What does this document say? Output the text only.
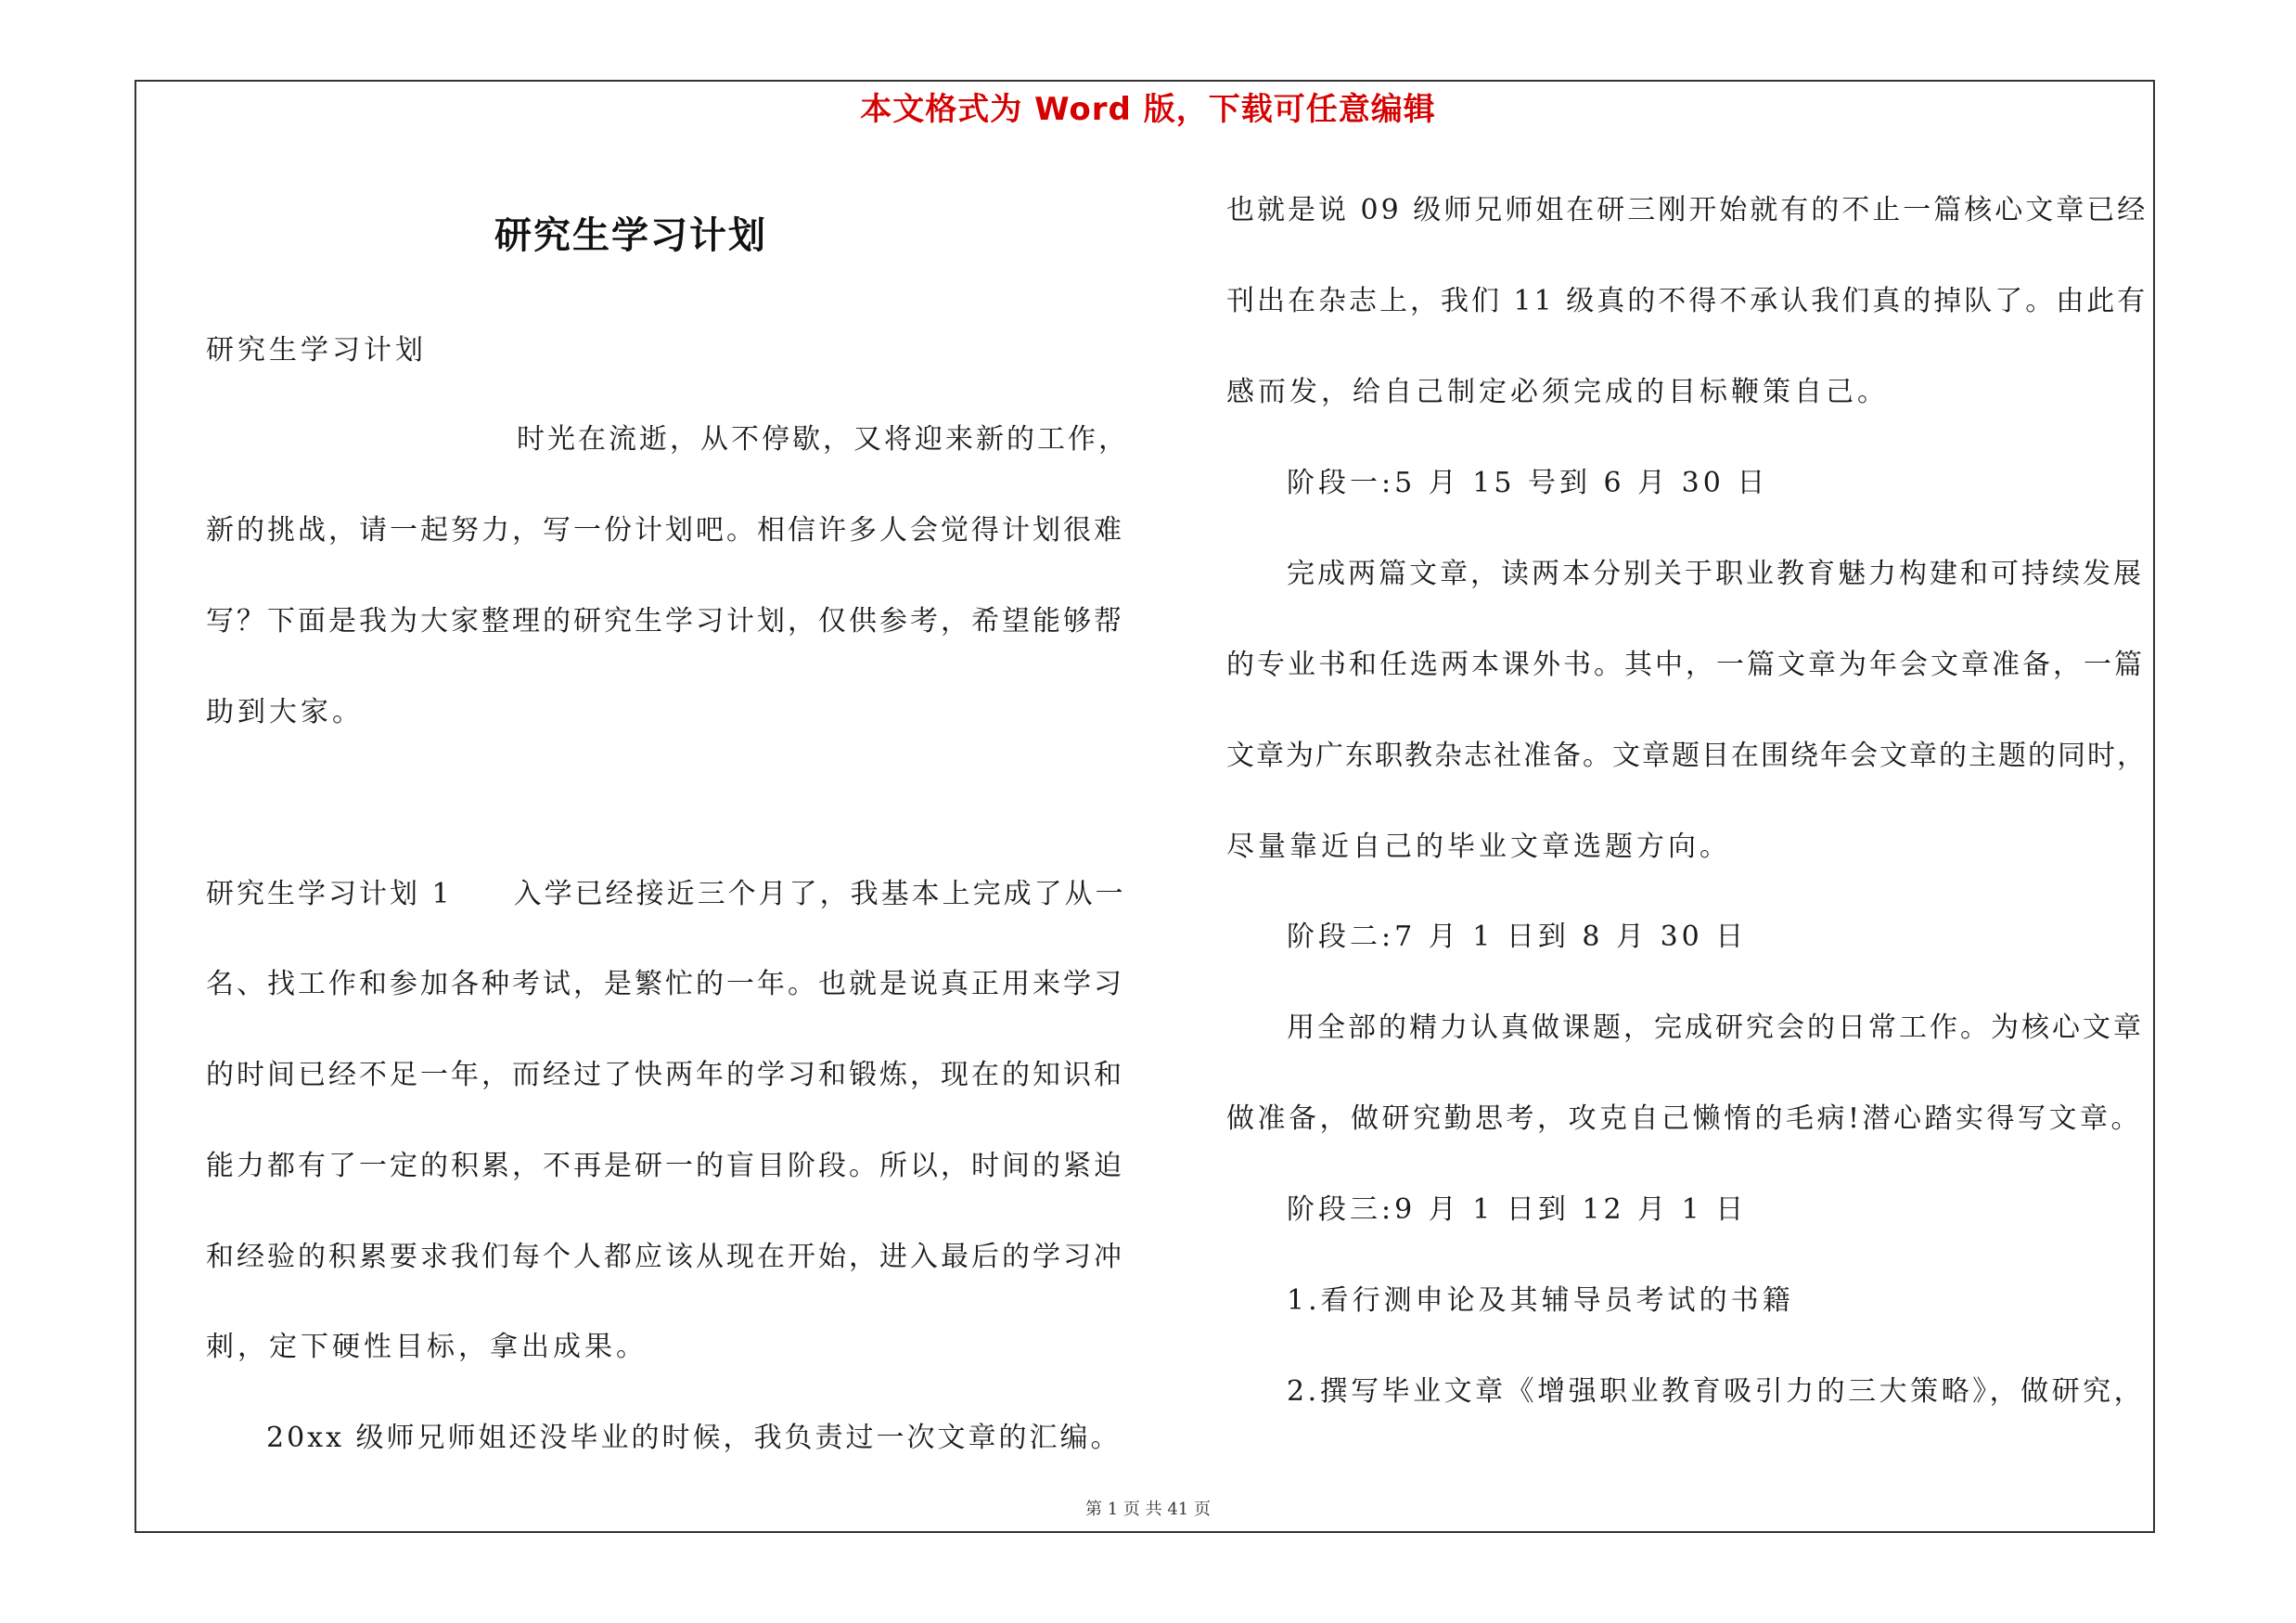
本文格式为 Word 版，下载可任意编辑
研究生学习计划
研究生学习计划
时光在流逝，从不停歇，又将迎来新的工作，
新的挑战，请一起努力，写一份计划吧。相信许多人会觉得计划很难
写？下面是我为大家整理的研究生学习计划，仅供参考，希望能够帮
助到大家。
研究生学习计划 1　　入学已经接近三个月了，我基本上完成了从一
名、找工作和参加各种考试，是繁忙的一年。也就是说真正用来学习
的时间已经不足一年，而经过了快两年的学习和锻炼，现在的知识和
能力都有了一定的积累，不再是研一的盲目阶段。所以，时间的紧迫
和经验的积累要求我们每个人都应该从现在开始，进入最后的学习冲
刺，定下硬性目标，拿出成果。
20xx 级师兄师姐还没毕业的时候，我负责过一次文章的汇编。
也就是说 09 级师兄师姐在研三刚开始就有的不止一篇核心文章已经
刊出在杂志上，我们 11 级真的不得不承认我们真的掉队了。由此有
感而发，给自己制定必须完成的目标鞭策自己。
阶段一:5 月 15 号到 6 月 30 日
完成两篇文章，读两本分别关于职业教育魅力构建和可持续发展
的专业书和任选两本课外书。其中，一篇文章为年会文章准备，一篇
文章为广东职教杂志社准备。文章题目在围绕年会文章的主题的同时，
尽量靠近自己的毕业文章选题方向。
阶段二:7 月 1 日到 8 月 30 日
用全部的精力认真做课题，完成研究会的日常工作。为核心文章
做准备，做研究勤思考，攻克自己懒惰的毛病!潜心踏实得写文章。
阶段三:9 月 1 日到 12 月 1 日
1.看行测申论及其辅导员考试的书籍
2.撰写毕业文章《增强职业教育吸引力的三大策略》，做研究，
第 1 页 共 41 页
